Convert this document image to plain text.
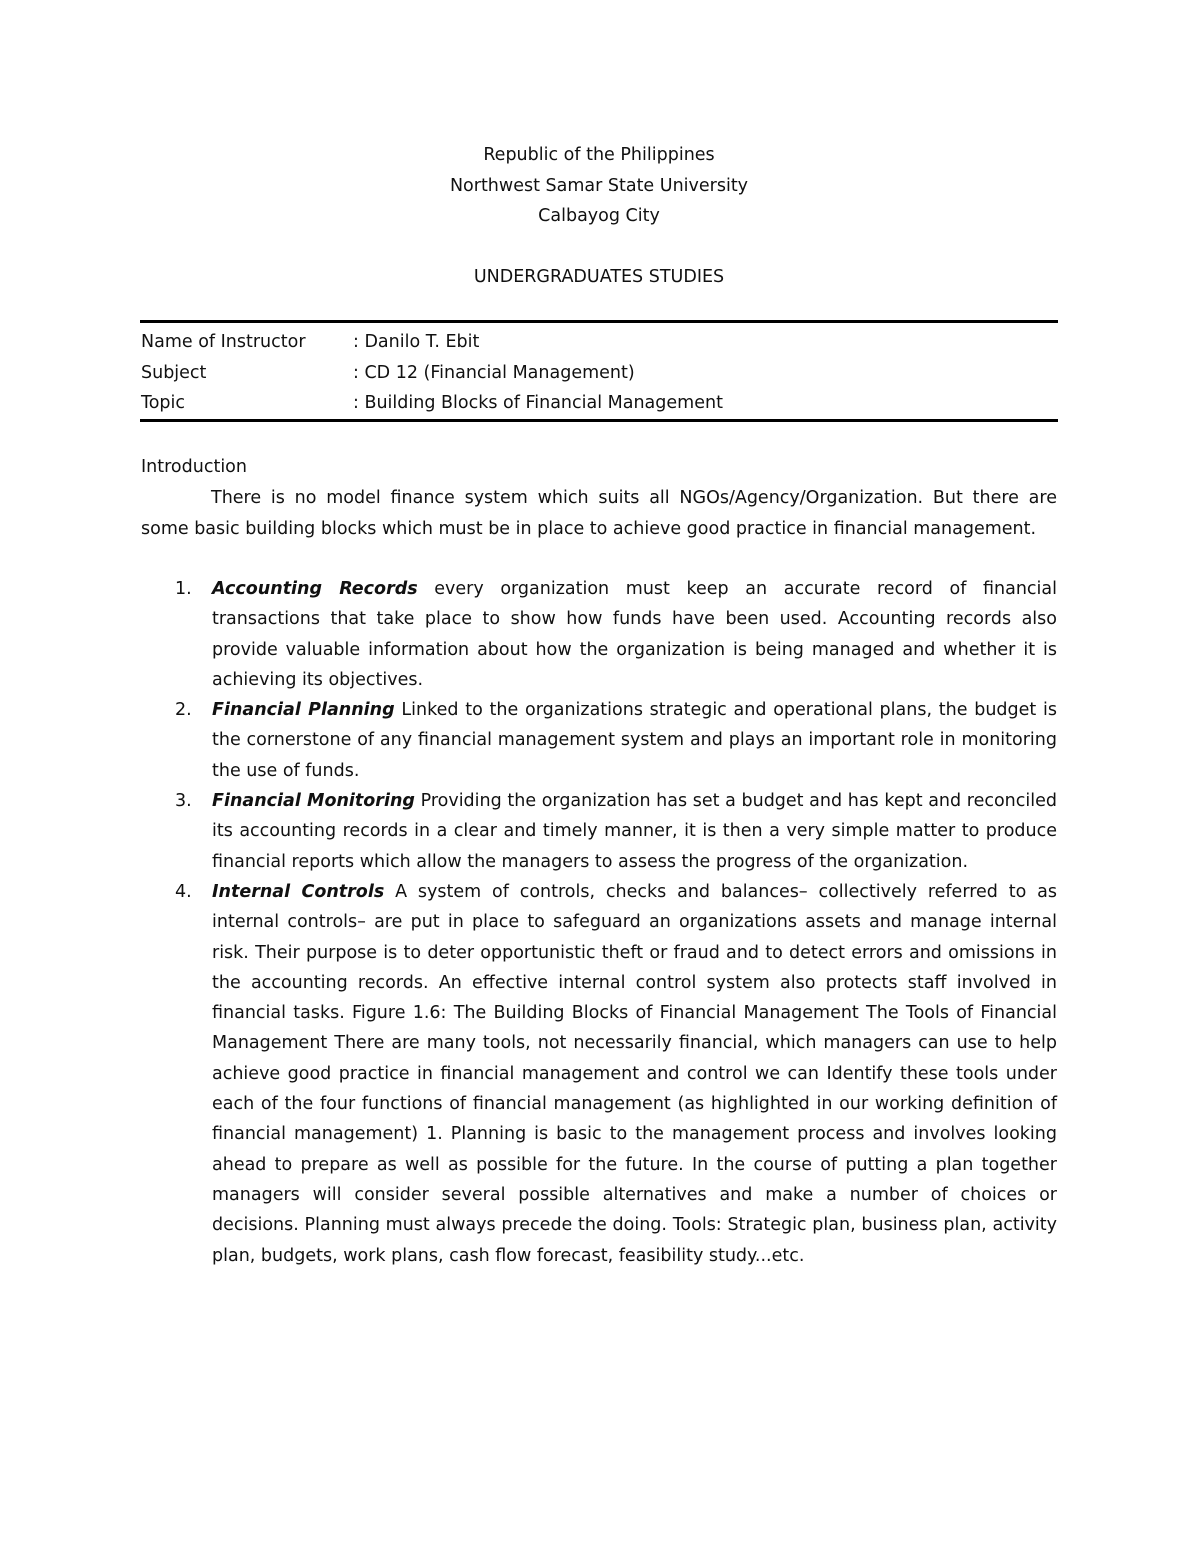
Republic of the Philippines
Northwest Samar State University
Calbayog City
UNDERGRADUATES STUDIES
Name of Instructor	: Danilo T. Ebit
Subject	: CD 12 (Financial Management)
Topic	: Building Blocks of Financial Management
Introduction
There is no model finance system which suits all NGOs/Agency/Organization. But there are some basic building blocks which must be in place to achieve good practice in financial management.
1. Accounting Records every organization must keep an accurate record of financial transactions that take place to show how funds have been used. Accounting records also provide valuable information about how the organization is being managed and whether it is achieving its objectives.
2. Financial Planning Linked to the organizations strategic and operational plans, the budget is the cornerstone of any financial management system and plays an important role in monitoring the use of funds.
3. Financial Monitoring Providing the organization has set a budget and has kept and reconciled its accounting records in a clear and timely manner, it is then a very simple matter to produce financial reports which allow the managers to assess the progress of the organization.
4. Internal Controls A system of controls, checks and balances– collectively referred to as internal controls– are put in place to safeguard an organizations assets and manage internal risk. Their purpose is to deter opportunistic theft or fraud and to detect errors and omissions in the accounting records. An effective internal control system also protects staff involved in financial tasks. Figure 1.6: The Building Blocks of Financial Management The Tools of Financial Management There are many tools, not necessarily financial, which managers can use to help achieve good practice in financial management and control we can Identify these tools under each of the four functions of financial management (as highlighted in our working definition of financial management) 1. Planning is basic to the management process and involves looking ahead to prepare as well as possible for the future. In the course of putting a plan together managers will consider several possible alternatives and make a number of choices or decisions. Planning must always precede the doing. Tools: Strategic plan, business plan, activity plan, budgets, work plans, cash flow forecast, feasibility study...etc.
